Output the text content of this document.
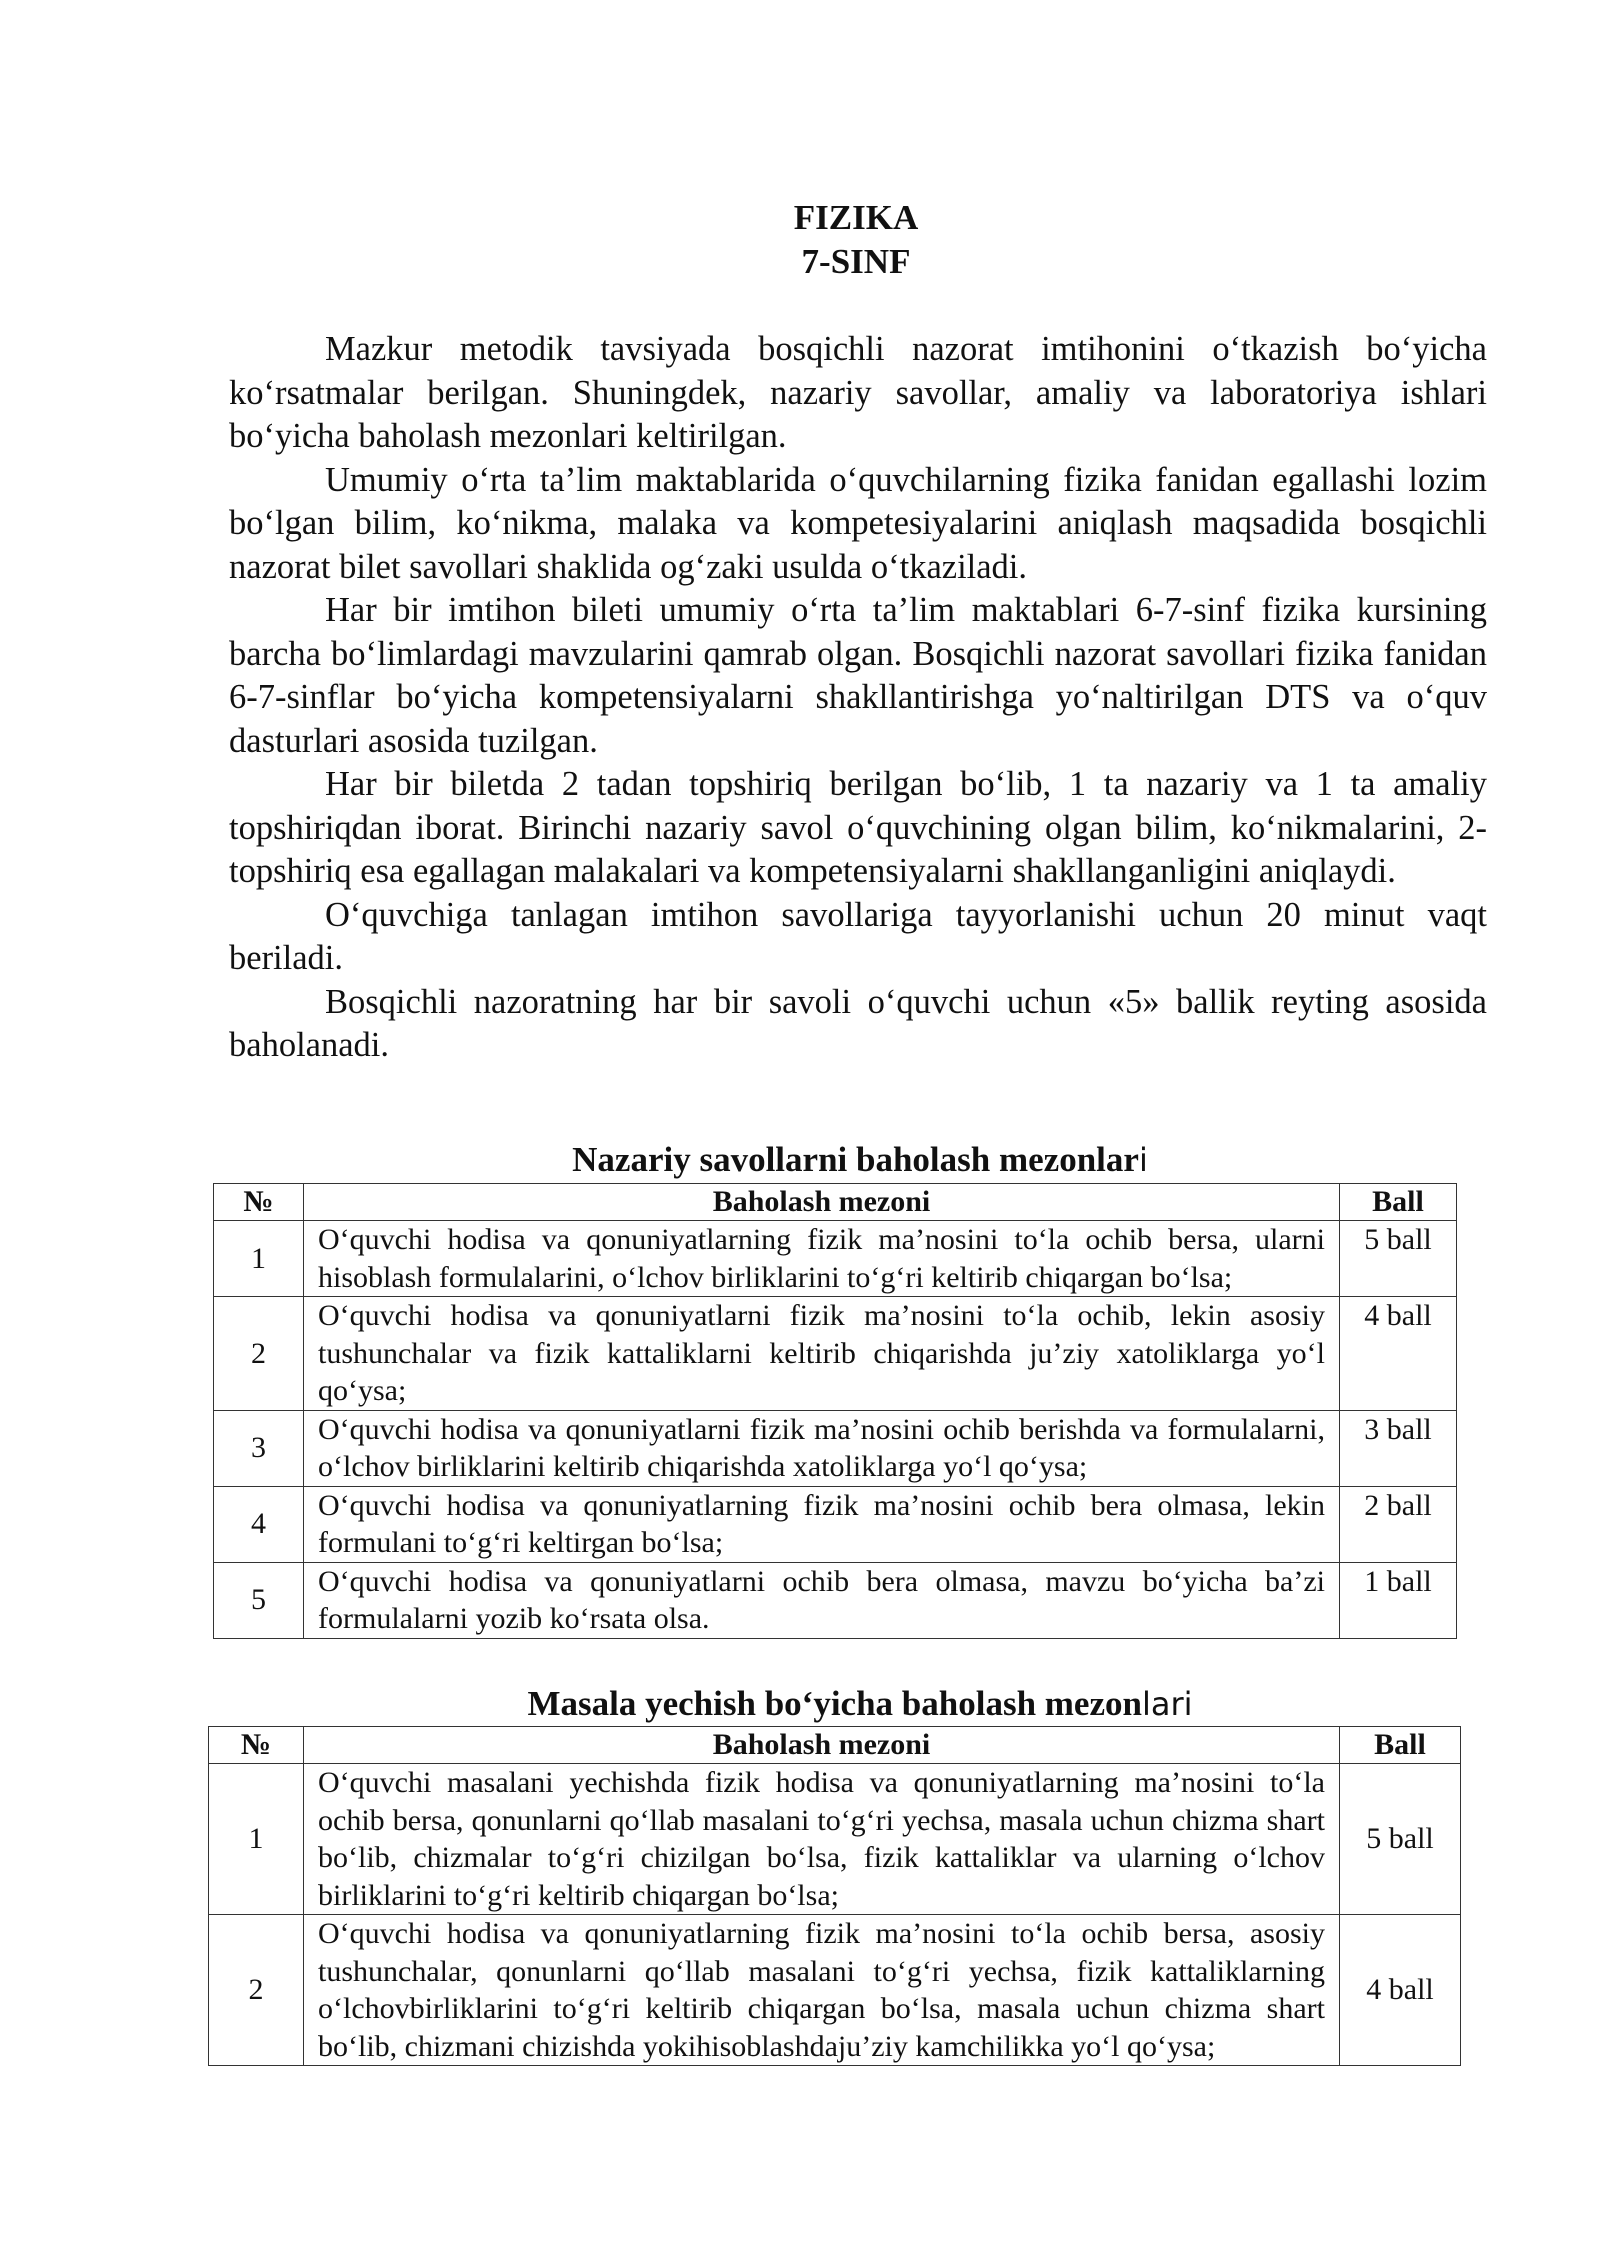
FIZIKA
7-SINF

Mazkur metodik tavsiyada bosqichli nazorat imtihonini o‘tkazish bo‘yicha ko‘rsatmalar berilgan. Shuningdek, nazariy savollar, amaliy va laboratoriya ishlari bo‘yicha baholash mezonlari keltirilgan.

Umumiy o‘rta ta’lim maktablarida o‘quvchilarning fizika fanidan egallashi lozim bo‘lgan bilim, ko‘nikma, malaka va kompetesiyalarini aniqlash maqsadida bosqichli nazorat bilet savollari shaklida og‘zaki usulda o‘tkaziladi.

Har bir imtihon bileti umumiy o‘rta ta’lim maktablari 6-7-sinf fizika kursining barcha bo‘limlardagi mavzularini qamrab olgan. Bosqichli nazorat savollari fizika fanidan 6-7-sinflar bo‘yicha kompetensiyalarni shakllantirishga yo‘naltirilgan DTS va o‘quv dasturlari asosida tuzilgan.

Har bir biletda 2 tadan topshiriq berilgan bo‘lib, 1 ta nazariy va 1 ta amaliy topshiriqdan iborat. Birinchi nazariy savol o‘quvchining olgan bilim, ko‘nikmalarini, 2-topshiriq esa egallagan malakalari va kompetensiyalarni shakllanganligini aniqlaydi.

O‘quvchiga tanlagan imtihon savollariga tayyorlanishi uchun 20 minut vaqt beriladi.

Bosqichli nazoratning har bir savoli o‘quvchi uchun «5» ballik reyting asosida baholanadi.

Nazariy savollarni baholash mezonlari
№	Baholash mezoni	Ball
1	O‘quvchi hodisa va qonuniyatlarning fizik ma’nosini to‘la ochib bersa, ularni hisoblash formulalarini, o‘lchov birliklarini to‘g‘ri keltirib chiqargan bo‘lsa;	5 ball
2	O‘quvchi hodisa va qonuniyatlarni fizik ma’nosini to‘la ochib, lekin asosiy tushunchalar va fizik kattaliklarni keltirib chiqarishda ju’ziy xatoliklarga yo‘l qo‘ysa;	4 ball
3	O‘quvchi hodisa va qonuniyatlarni fizik ma’nosini ochib berishda va formulalarni, o‘lchov birliklarini keltirib chiqarishda xatoliklarga yo‘l qo‘ysa;	3 ball
4	O‘quvchi hodisa va qonuniyatlarning fizik ma’nosini ochib bera olmasa, lekin formulani to‘g‘ri keltirgan bo‘lsa;	2 ball
5	O‘quvchi hodisa va qonuniyatlarni ochib bera olmasa, mavzu bo‘yicha ba’zi formulalarni yozib ko‘rsata olsa.	1 ball
Masala yechish bo‘yicha baholash mezonlari
№	Baholash mezoni	Ball
1	O‘quvchi masalani yechishda fizik hodisa va qonuniyatlarning ma’nosini to‘la ochib bersa, qonunlarni qo‘llab masalani to‘g‘ri yechsa, masala uchun chizma shart bo‘lib, chizmalar to‘g‘ri chizilgan bo‘lsa, fizik kattaliklar va ularning o‘lchov birliklarini to‘g‘ri keltirib chiqargan bo‘lsa;	5 ball
2	O‘quvchi hodisa va qonuniyatlarning fizik ma’nosini to‘la ochib bersa, asosiy tushunchalar, qonunlarni qo‘llab masalani to‘g‘ri yechsa, fizik kattaliklarning o‘lchovbirliklarini to‘g‘ri keltirib chiqargan bo‘lsa, masala uchun chizma shart bo‘lib, chizmani chizishda yokihisoblashdaju’ziy kamchilikka yo‘l qo‘ysa;	4 ball
